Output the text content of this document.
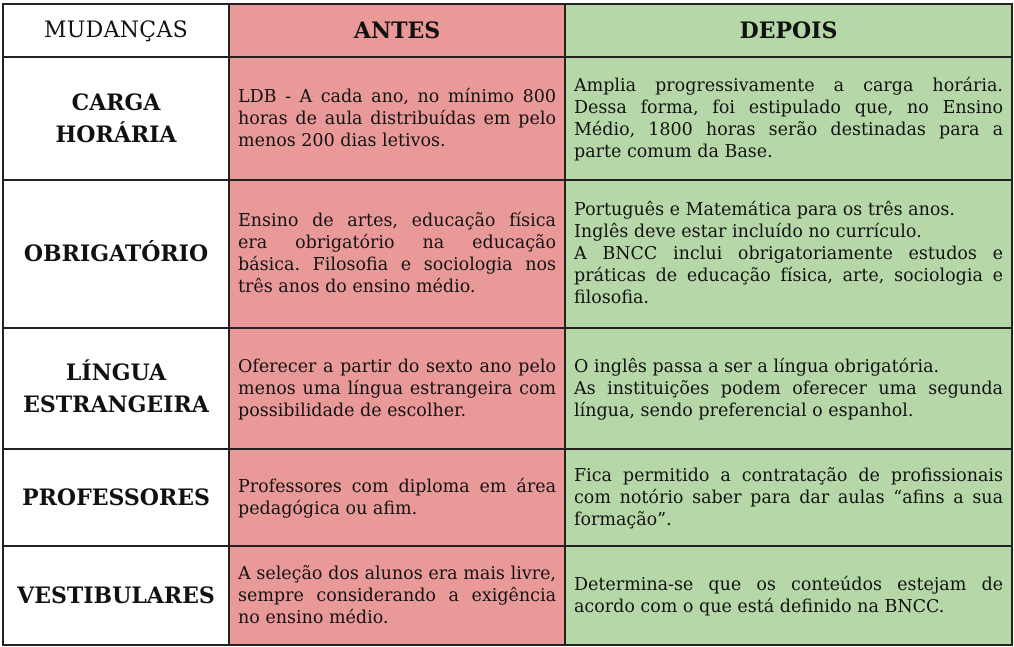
MUDANÇAS	ANTES	DEPOIS
CARGA HORÁRIA	LDB - A cada ano, no mínimo 800 horas de aula distribuídas em pelo menos 200 dias letivos.	Amplia progressivamente a carga horária. Dessa forma, foi estipulado que, no Ensino Médio, 1800 horas serão destinadas para a parte comum da Base.

OBRIGATÓRIO	Ensino de artes, educação física era obrigatório na educação básica. Filosofia e sociologia nos três anos do ensino médio.	Português e Matemática para os três anos.
Inglês deve estar incluído no currículo.
A BNCC inclui obrigatoriamente estudos e práticas de educação física, arte, sociologia e filosofia.

LÍNGUA ESTRANGEIRA	Oferecer a partir do sexto ano pelo menos uma língua estrangeira com possibilidade de escolher.	O inglês passa a ser a língua obrigatória.
As instituições podem oferecer uma segunda língua, sendo preferencial o espanhol.

PROFESSORES	Professores com diploma em área pedagógica ou afim.	Fica permitido a contratação de profissionais com notório saber para dar aulas “afins a sua formação”.

VESTIBULARES	A seleção dos alunos era mais livre, sempre considerando a exigência no ensino médio.	Determina-se que os conteúdos estejam de acordo com o que está definido na BNCC.
